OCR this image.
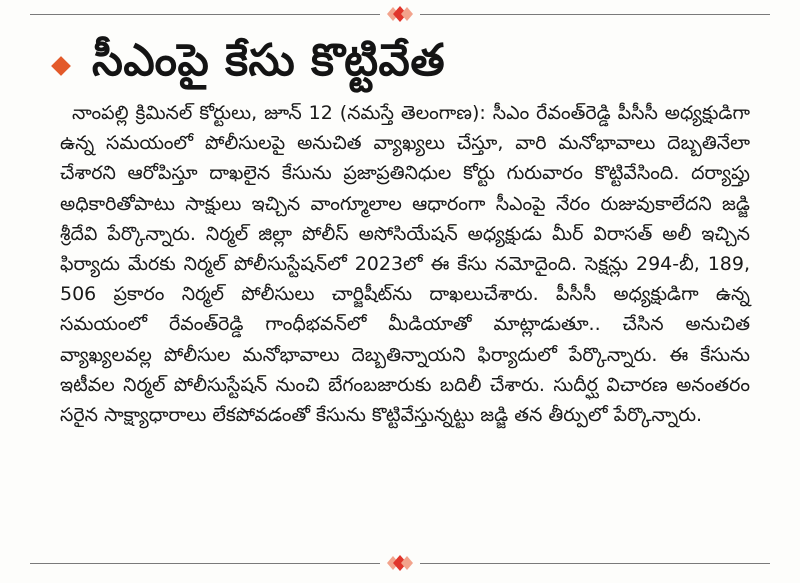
సీఎంపై కేసు కొట్టివేత

నాంపల్లి క్రిమినల్ కోర్టులు, జూన్ 12 (నమస్తే తెలంగాణ): సీఎం రేవంత్‌రెడ్డి పీసీసీ అధ్యక్షుడిగా ఉన్న సమయంలో పోలీసులపై అనుచిత వ్యాఖ్యలు చేస్తూ, వారి మనోభావాలు దెబ్బతినేలా చేశారని ఆరోపిస్తూ దాఖలైన కేసును ప్రజాప్రతినిధుల కోర్టు గురువారం కొట్టివేసింది. దర్యాప్తు అధికారితోపాటు సాక్షులు ఇచ్చిన వాంగ్మూలాల ఆధారంగా సీఎంపై నేరం రుజువుకాలేదని జడ్జి శ్రీదేవి పేర్కొన్నారు. నిర్మల్ జిల్లా పోలీస్ అసోసియేషన్ అధ్యక్షుడు మీర్ విరాసత్ అలీ ఇచ్చిన ఫిర్యాదు మేరకు నిర్మల్ పోలీసుస్టేషన్‌లో 2023లో ఈ కేసు నమోదైంది. సెక్షన్లు 294-బీ, 189, 506 ప్రకారం నిర్మల్ పోలీసులు చార్జిషీట్‌ను దాఖలుచేశారు. పీసీసీ అధ్యక్షుడిగా ఉన్న సమయంలో రేవంత్‌రెడ్డి గాంధీభవన్‌లో మీడియాతో మాట్లాడుతూ.. చేసిన అనుచిత వ్యాఖ్యలవల్ల పోలీసుల మనోభావాలు దెబ్బతిన్నాయని ఫిర్యాదులో పేర్కొన్నారు. ఈ కేసును ఇటీవల నిర్మల్ పోలీసుస్టేషన్ నుంచి బేగంబజారుకు బదిలీ చేశారు. సుదీర్ఘ విచారణ అనంతరం సరైన సాక్ష్యాధారాలు లేకపోవడంతో కేసును కొట్టివేస్తున్నట్టు జడ్జి తన తీర్పులో పేర్కొన్నారు.
